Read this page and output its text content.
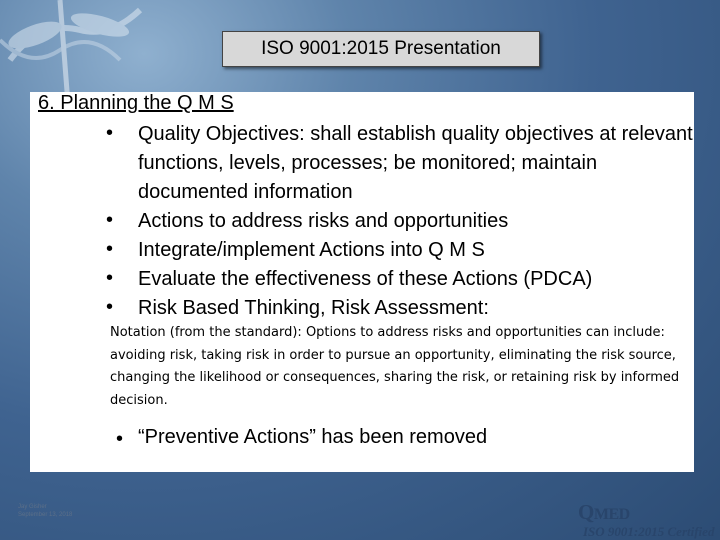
ISO 9001:2015 Presentation
6. Planning the Q M S
• Quality Objectives: shall establish quality objectives at relevant functions, levels, processes; be monitored; maintain documented information
• Actions to address risks and opportunities
• Integrate/implement Actions into Q M S
• Evaluate the effectiveness of these Actions (PDCA)
• Risk Based Thinking, Risk Assessment:
Notation (from the standard): Options to address risks and opportunities can include: avoiding risk, taking risk in order to pursue an opportunity, eliminating the risk source, changing the likelihood or consequences, sharing the risk, or retaining risk by informed decision.
• “Preventive Actions” has been removed
Jay Gisher
September 13, 2018	QMED
ISO 9001:2015 Certified
